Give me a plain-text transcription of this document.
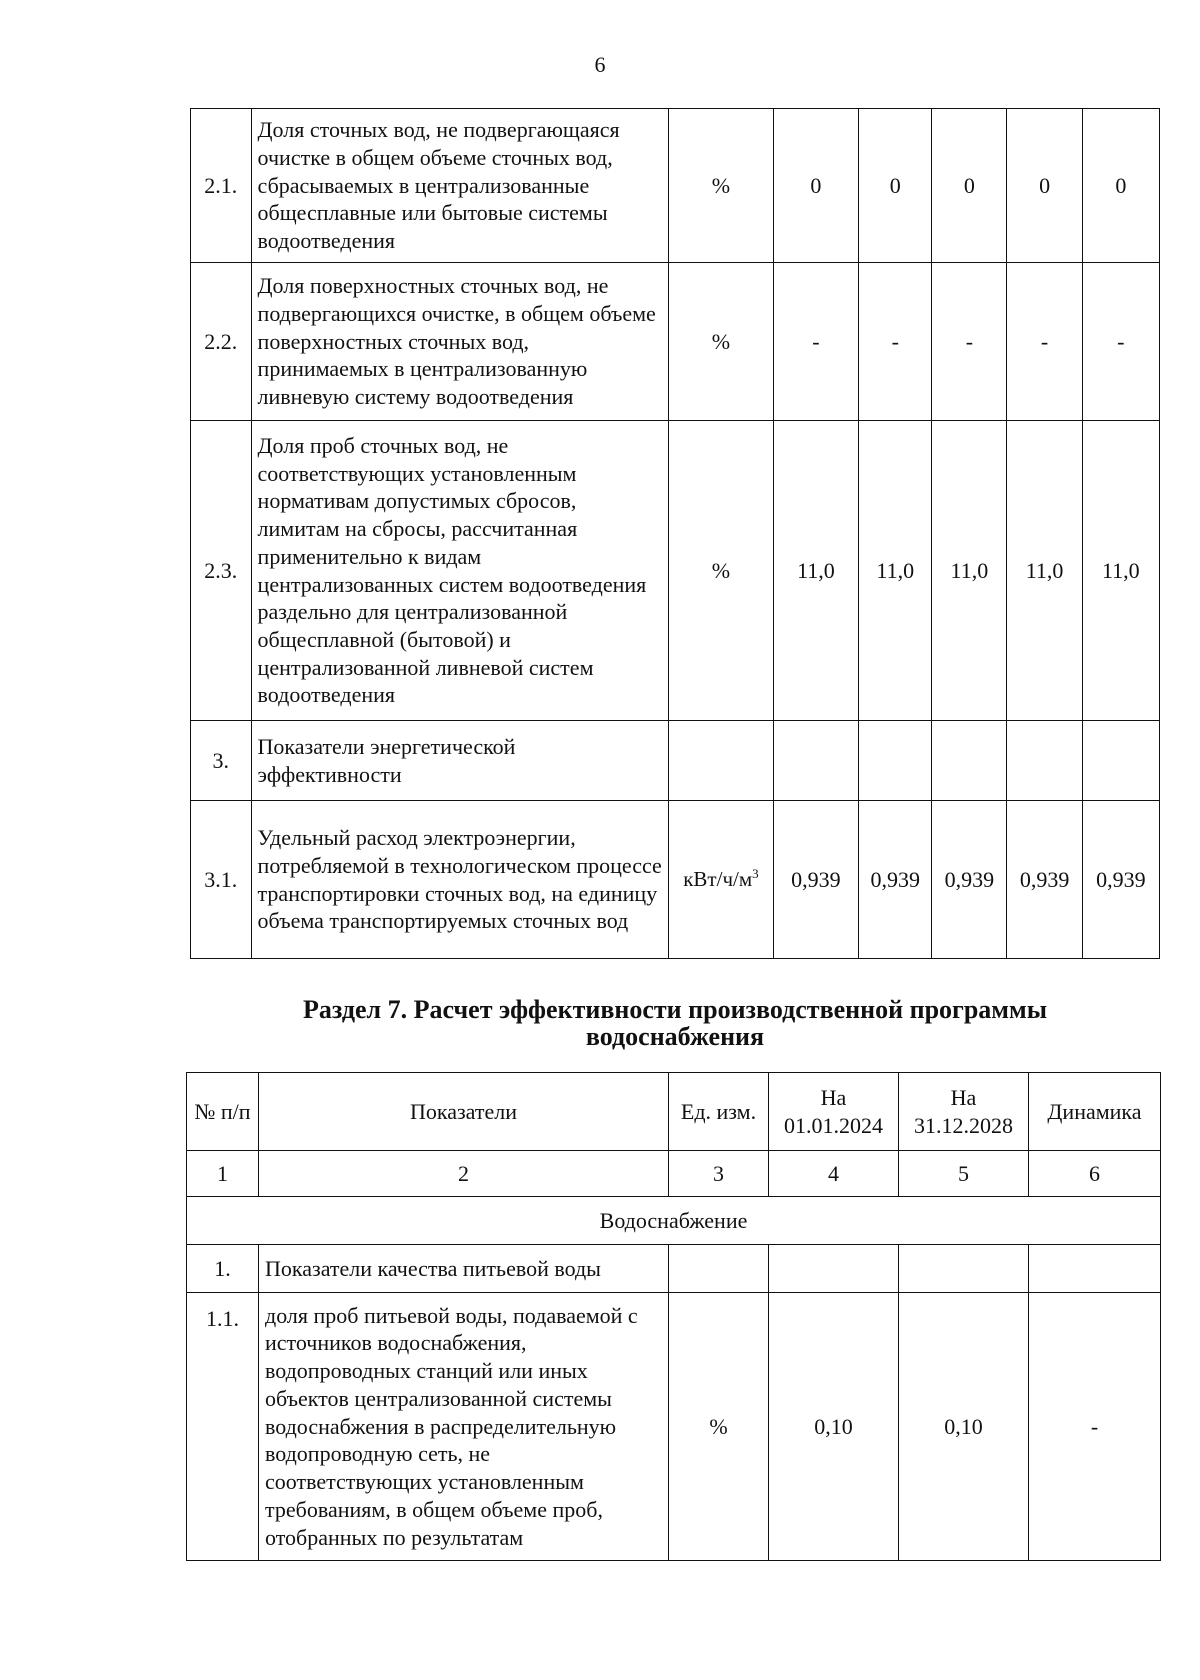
6
2.1.	Доля сточных вод, не подвергающаяся очистке в общем объеме сточных вод, сбрасываемых в централизованные общесплавные или бытовые системы водоотведения	%	0	0	0	0	0
2.2.	Доля поверхностных сточных вод, не подвергающихся очистке, в общем объеме поверхностных сточных вод, принимаемых в централизованную ливневую систему водоотведения	%	-	-	-	-	-
2.3.	Доля проб сточных вод, не соответствующих установленным нормативам допустимых сбросов, лимитам на сбросы, рассчитанная применительно к видам централизованных систем водоотведения раздельно для централизованной общесплавной (бытовой) и централизованной ливневой систем водоотведения	%	11,0	11,0	11,0	11,0	11,0
3.	Показатели энергетической эффективности						
3.1.	Удельный расход электроэнергии, потребляемой в технологическом процессе транспортировки сточных вод, на единицу объема транспортируемых сточных вод	кВт/$ч/м^3$	0,939	0,939	0,939	0,939	0,939
Раздел 7. Расчет эффективности производственной программы
водоснабжения
№ п/п	Показатели	Ед. изм.	На 01.01.2024	На 31.12.2028	Динамика
1	2	3	4	5	6
Водоснабжение					
1.	Показатели качества питьевой воды				
1.1.	доля проб питьевой воды, подаваемой с источников водоснабжения, водопроводных станций или иных объектов централизованной системы водоснабжения в распределительную водопроводную сеть, не соответствующих установленным требованиям, в общем объеме проб, отобранных по результатам	%	0,10	0,10	-
